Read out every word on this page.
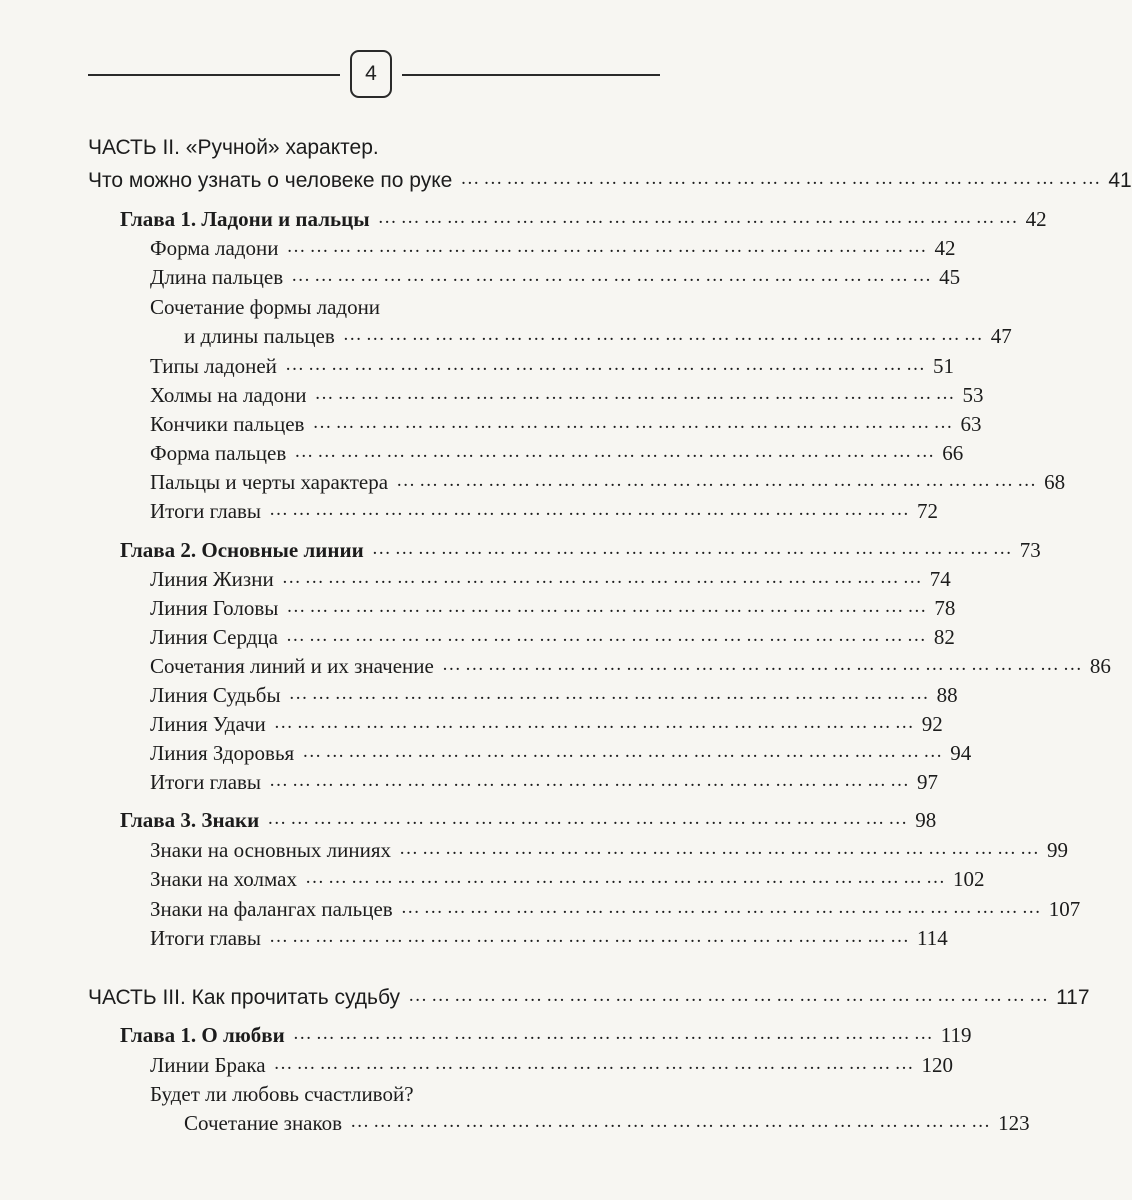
4
ЧАСТЬ II. «Ручной» характер.
Что можно узнать о человеке по руке ………………………………………………………………………… 41
Глава 1. Ладони и пальцы ………………………………………………………………………… 42
Форма ладони ………………………………………………………………………… 42
Длина пальцев ………………………………………………………………………… 45
Сочетание формы ладони
и длины пальцев ………………………………………………………………………… 47
Типы ладоней ………………………………………………………………………… 51
Холмы на ладони ………………………………………………………………………… 53
Кончики пальцев ………………………………………………………………………… 63
Форма пальцев ………………………………………………………………………… 66
Пальцы и черты характера ………………………………………………………………………… 68
Итоги главы ………………………………………………………………………… 72
Глава 2. Основные линии ………………………………………………………………………… 73
Линия Жизни ………………………………………………………………………… 74
Линия Головы ………………………………………………………………………… 78
Линия Сердца ………………………………………………………………………… 82
Сочетания линий и их значение ………………………………………………………………………… 86
Линия Судьбы ………………………………………………………………………… 88
Линия Удачи ………………………………………………………………………… 92
Линия Здоровья ………………………………………………………………………… 94
Итоги главы ………………………………………………………………………… 97
Глава 3. Знаки ………………………………………………………………………… 98
Знаки на основных линиях ………………………………………………………………………… 99
Знаки на холмах ………………………………………………………………………… 102
Знаки на фалангах пальцев ………………………………………………………………………… 107
Итоги главы ………………………………………………………………………… 114
ЧАСТЬ III. Как прочитать судьбу ………………………………………………………………………… 117
Глава 1. О любви ………………………………………………………………………… 119
Линии Брака ………………………………………………………………………… 120
Будет ли любовь счастливой?
Сочетание знаков ………………………………………………………………………… 123
